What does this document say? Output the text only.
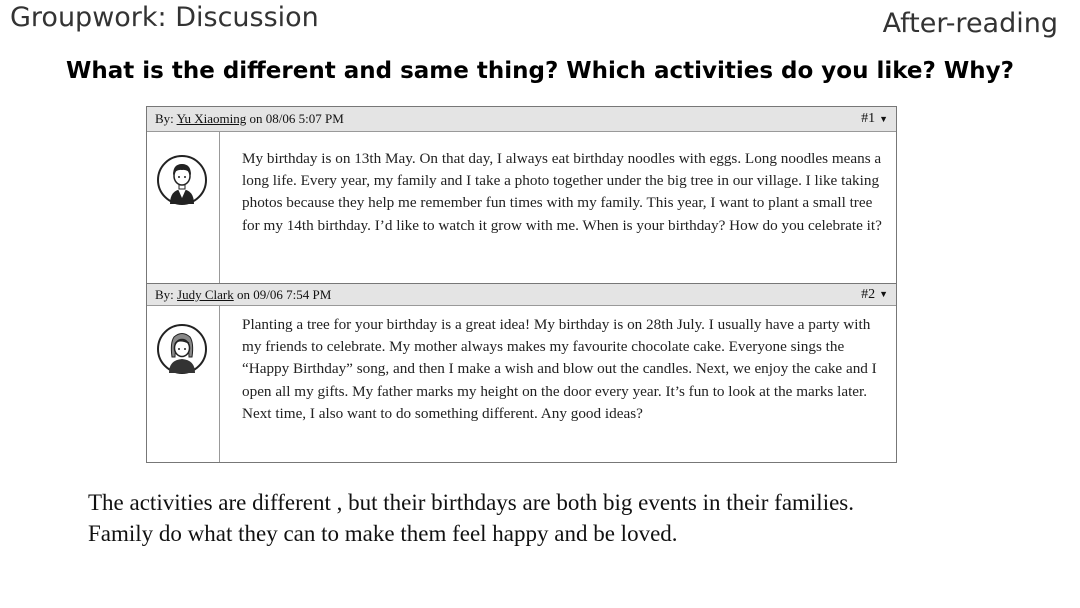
Groupwork: Discussion	After-reading
What is the different and same thing? Which activities do you like? Why?
By: Yu Xiaoming on 08/06 5:07 PM	#1 ▼
My birthday is on 13th May. On that day, I always eat birthday noodles with eggs. Long noodles means a long life. Every year, my family and I take a photo together under the big tree in our village. I like taking photos because they help me remember fun times with my family. This year, I want to plant a small tree for my 14th birthday. I’d like to watch it grow with me. When is your birthday? How do you celebrate it?
By: Judy Clark on 09/06 7:54 PM	#2 ▼
Planting a tree for your birthday is a great idea! My birthday is on 28th July. I usually have a party with my friends to celebrate. My mother always makes my favourite chocolate cake. Everyone sings the “Happy Birthday” song, and then I make a wish and blow out the candles. Next, we enjoy the cake and I open all my gifts. My father marks my height on the door every year. It’s fun to look at the marks later. Next time, I also want to do something different. Any good ideas?
The activities are different , but their birthdays are both big events in their families.
Family do what they can to make them feel happy and be loved.
